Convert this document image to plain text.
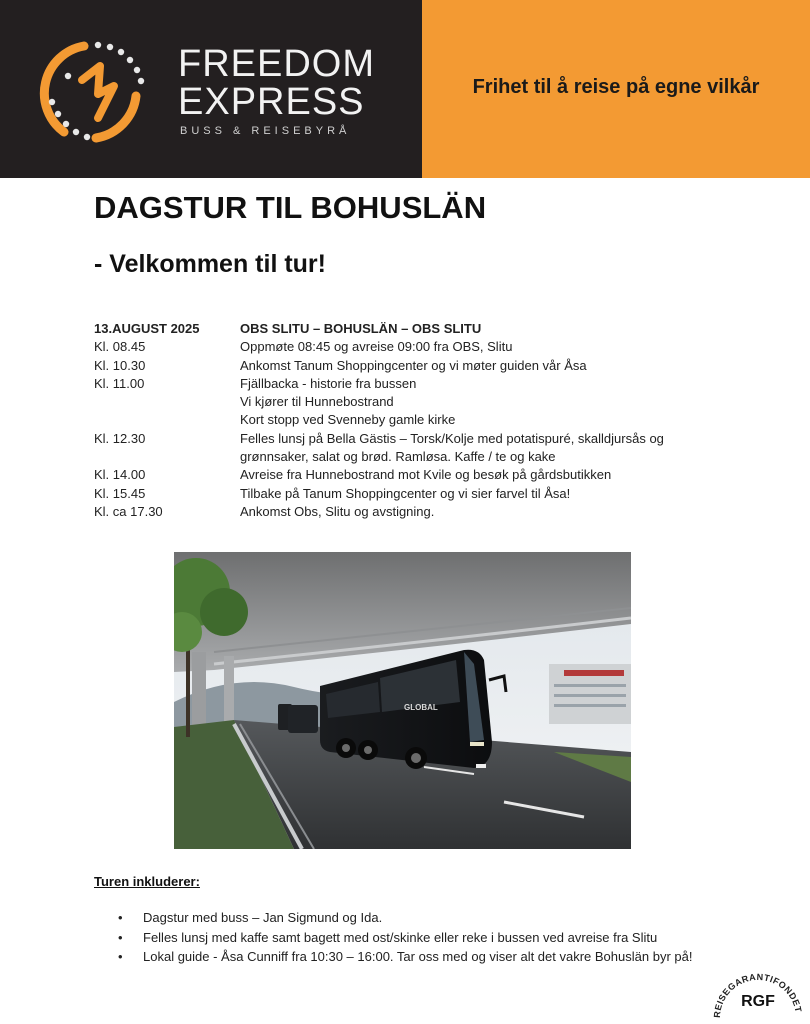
FREEDOM
EXPRESS
BUSS & REISEBYRÅ
Frihet til å reise på egne vilkår
DAGSTUR TIL BOHUSLÄN
- Velkommen til tur!
13.AUGUST 2025	OBS SLITU – BOHUSLÄN – OBS SLITU
Kl. 08.45	Oppmøte 08:45 og avreise 09:00 fra OBS, Slitu
Kl. 10.30	Ankomst Tanum Shoppingcenter og vi møter guiden vår Åsa
Kl. 11.00	Fjällbacka - historie fra bussen
Vi kjører til Hunnebostrand
Kort stopp ved Svenneby gamle kirke
Kl. 12.30	Felles lunsj på Bella Gästis – Torsk/Kolje med potatispuré, skalldjursås og
grønnsaker, salat og brød. Ramløsa. Kaffe / te og kake
Kl. 14.00	Avreise fra Hunnebostrand mot Kvile og besøk på gårdsbutikken
Kl. 15.45	Tilbake på Tanum Shoppingcenter og vi sier farvel til Åsa!
Kl. ca 17.30	Ankomst Obs, Slitu og avstigning.
GLOBAL
Turen inkluderer:
• Dagstur med buss – Jan Sigmund og Ida.
• Felles lunsj med kaffe samt bagett med ost/skinke eller reke i bussen ved avreise fra Slitu
• Lokal guide - Åsa Cunniff fra 10:30 – 16:00. Tar oss med og viser alt det vakre Bohuslän byr på!
REISEGARANTIFONDET
RGF
